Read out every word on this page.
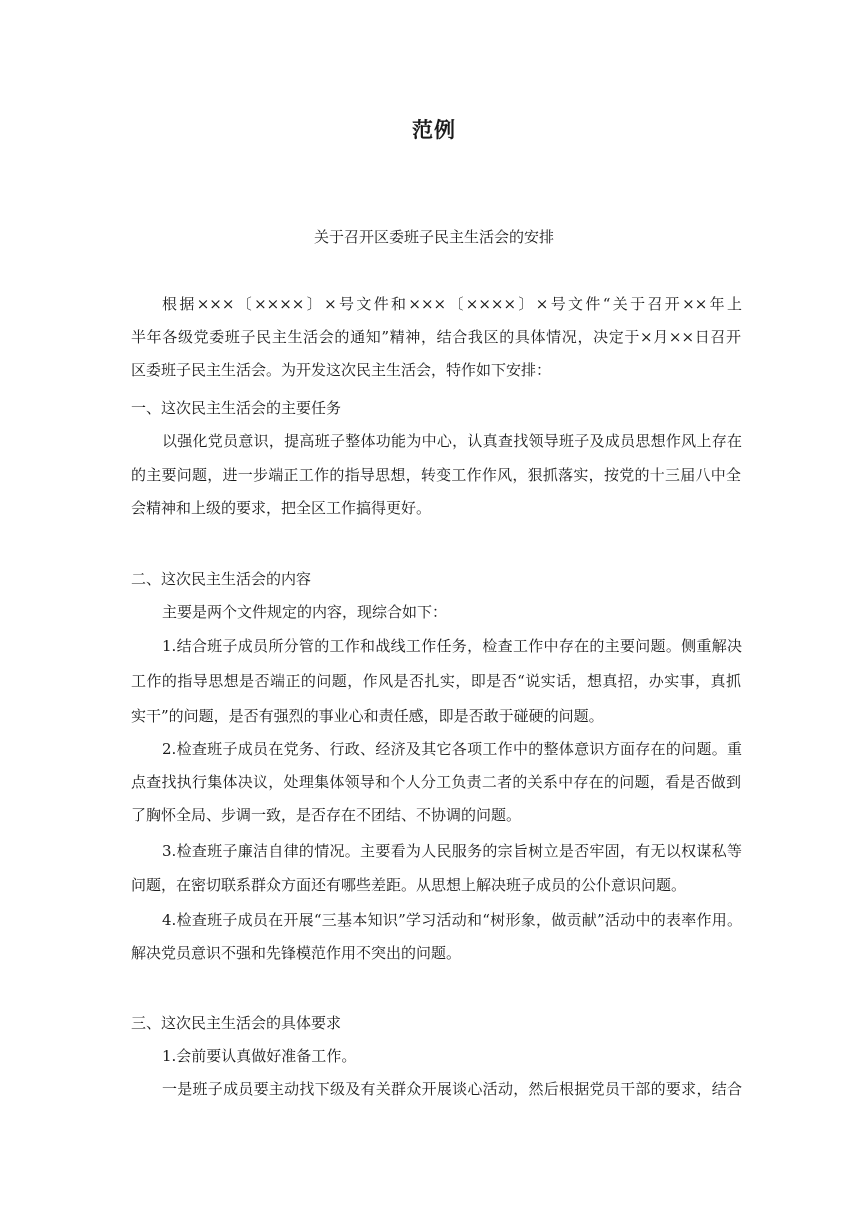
范例
关于召开区委班子民主生活会的安排
根据×××〔××××〕×号文件和×××〔××××〕×号文件“关于召开××年上
半年各级党委班子民主生活会的通知”精神，结合我区的具体情况，决定于×月××日召开
区委班子民主生活会。为开发这次民主生活会，特作如下安排：
一、这次民主生活会的主要任务
以强化党员意识，提高班子整体功能为中心，认真查找领导班子及成员思想作风上存在
的主要问题，进一步端正工作的指导思想，转变工作作风，狠抓落实，按党的十三届八中全
会精神和上级的要求，把全区工作搞得更好。
二、这次民主生活会的内容
主要是两个文件规定的内容，现综合如下：
1.结合班子成员所分管的工作和战线工作任务，检查工作中存在的主要问题。侧重解决
工作的指导思想是否端正的问题，作风是否扎实，即是否“说实话，想真招，办实事，真抓
实干”的问题，是否有强烈的事业心和责任感，即是否敢于碰硬的问题。
2.检查班子成员在党务、行政、经济及其它各项工作中的整体意识方面存在的问题。重
点查找执行集体决议，处理集体领导和个人分工负责二者的关系中存在的问题，看是否做到
了胸怀全局、步调一致，是否存在不团结、不协调的问题。
3.检查班子廉洁自律的情况。主要看为人民服务的宗旨树立是否牢固，有无以权谋私等
问题，在密切联系群众方面还有哪些差距。从思想上解决班子成员的公仆意识问题。
4.检查班子成员在开展“三基本知识”学习活动和“树形象，做贡献”活动中的表率作用。
解决党员意识不强和先锋模范作用不突出的问题。
三、这次民主生活会的具体要求
1.会前要认真做好准备工作。
一是班子成员要主动找下级及有关群众开展谈心活动，然后根据党员干部的要求，结合
